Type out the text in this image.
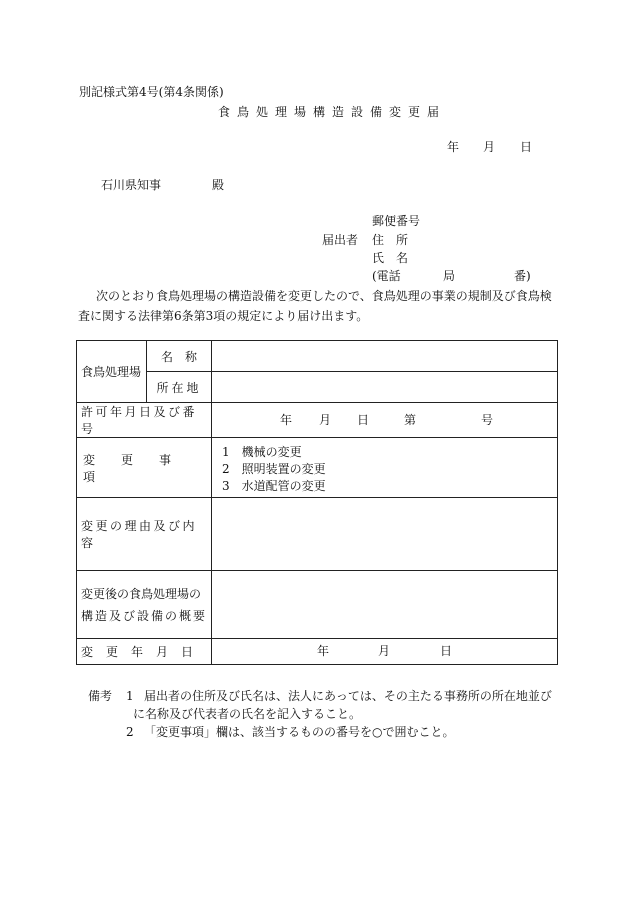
別記様式第4号(第4条関係)
食鳥処理場構造設備変更届
年 月 日
石川県知事	殿
郵便番号
届出者 住　所
氏　名
(電話	局	番)
次のとおり食鳥処理場の構造設備を変更したので、食鳥処理の事業の規制及び食鳥検査に関する法律第6条第3項の規定により届け出ます。
食鳥処理場	名　称	
	所在地	
許可年月日及び番号		年 月 日 第 号

変更事項		1　機械の変更
2　照明装置の変更
3　水道配管の変更

変更の理由及び内容		

変更後の食鳥処理場の
構造及び設備の概要		

変更年月日		年 月 日
備考 1 届出者の住所及び氏名は、法人にあっては、その主たる事務所の所在地並び
に名称及び代表者の氏名を記入すること。
2 「変更事項」欄は、該当するものの番号を○で囲むこと。
